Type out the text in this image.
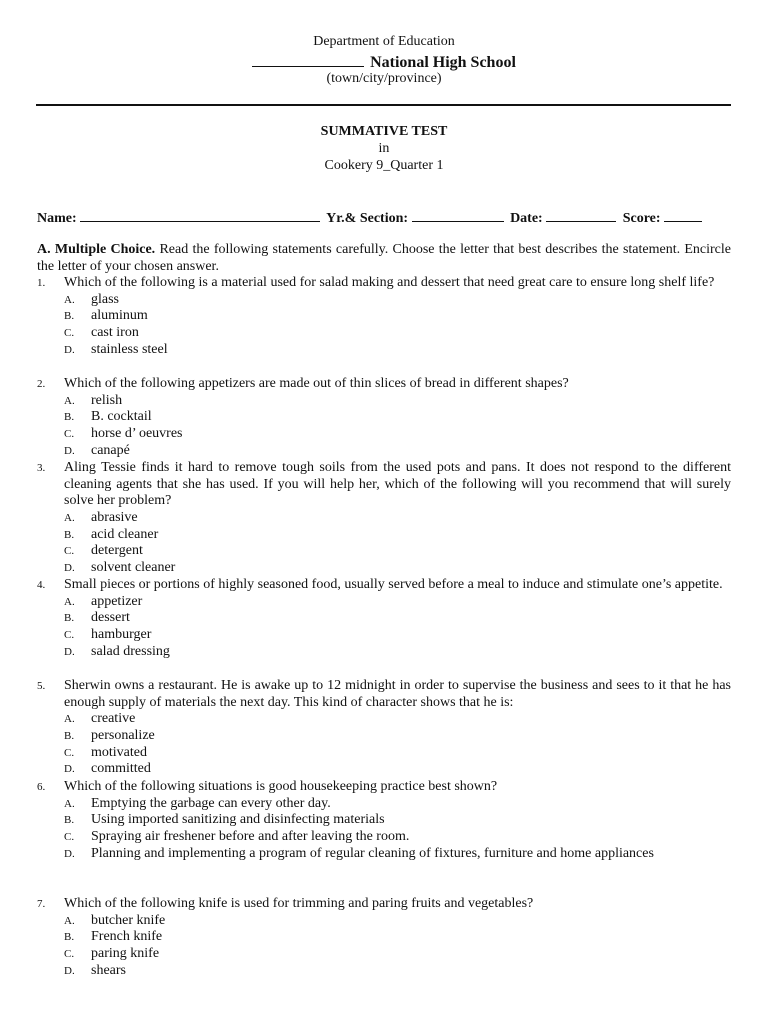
Department of Education
National High School
(town/city/province)
SUMMATIVE TEST
in
Cookery 9_Quarter 1
Name:	Yr.& Section:	Date:	Score:
A. Multiple Choice. Read the following statements carefully. Choose the letter that best describes the statement. Encircle the letter of your chosen answer.
1. Which of the following is a material used for salad making and dessert that need great care to ensure long shelf life?
A. glass
B. aluminum
C. cast iron
D. stainless steel
2. Which of the following appetizers are made out of thin slices of bread in different shapes?
A. relish
B. B. cocktail
C. horse d’ oeuvres
D. canapé
3. Aling Tessie finds it hard to remove tough soils from the used pots and pans. It does not respond to the different cleaning agents that she has used. If you will help her, which of the following will you recommend that will surely solve her problem?
A. abrasive
B. acid cleaner
C. detergent
D. solvent cleaner
4. Small pieces or portions of highly seasoned food, usually served before a meal to induce and stimulate one’s appetite.
A. appetizer
B. dessert
C. hamburger
D. salad dressing
5. Sherwin owns a restaurant. He is awake up to 12 midnight in order to supervise the business and sees to it that he has enough supply of materials the next day. This kind of character shows that he is:
A. creative
B. personalize
C. motivated
D. committed
6. Which of the following situations is good housekeeping practice best shown?
A. Emptying the garbage can every other day.
B. Using imported sanitizing and disinfecting materials
C. Spraying air freshener before and after leaving the room.
D. Planning and implementing a program of regular cleaning of fixtures, furniture and home appliances
7. Which of the following knife is used for trimming and paring fruits and vegetables?
A. butcher knife
B. French knife
C. paring knife
D. shears
